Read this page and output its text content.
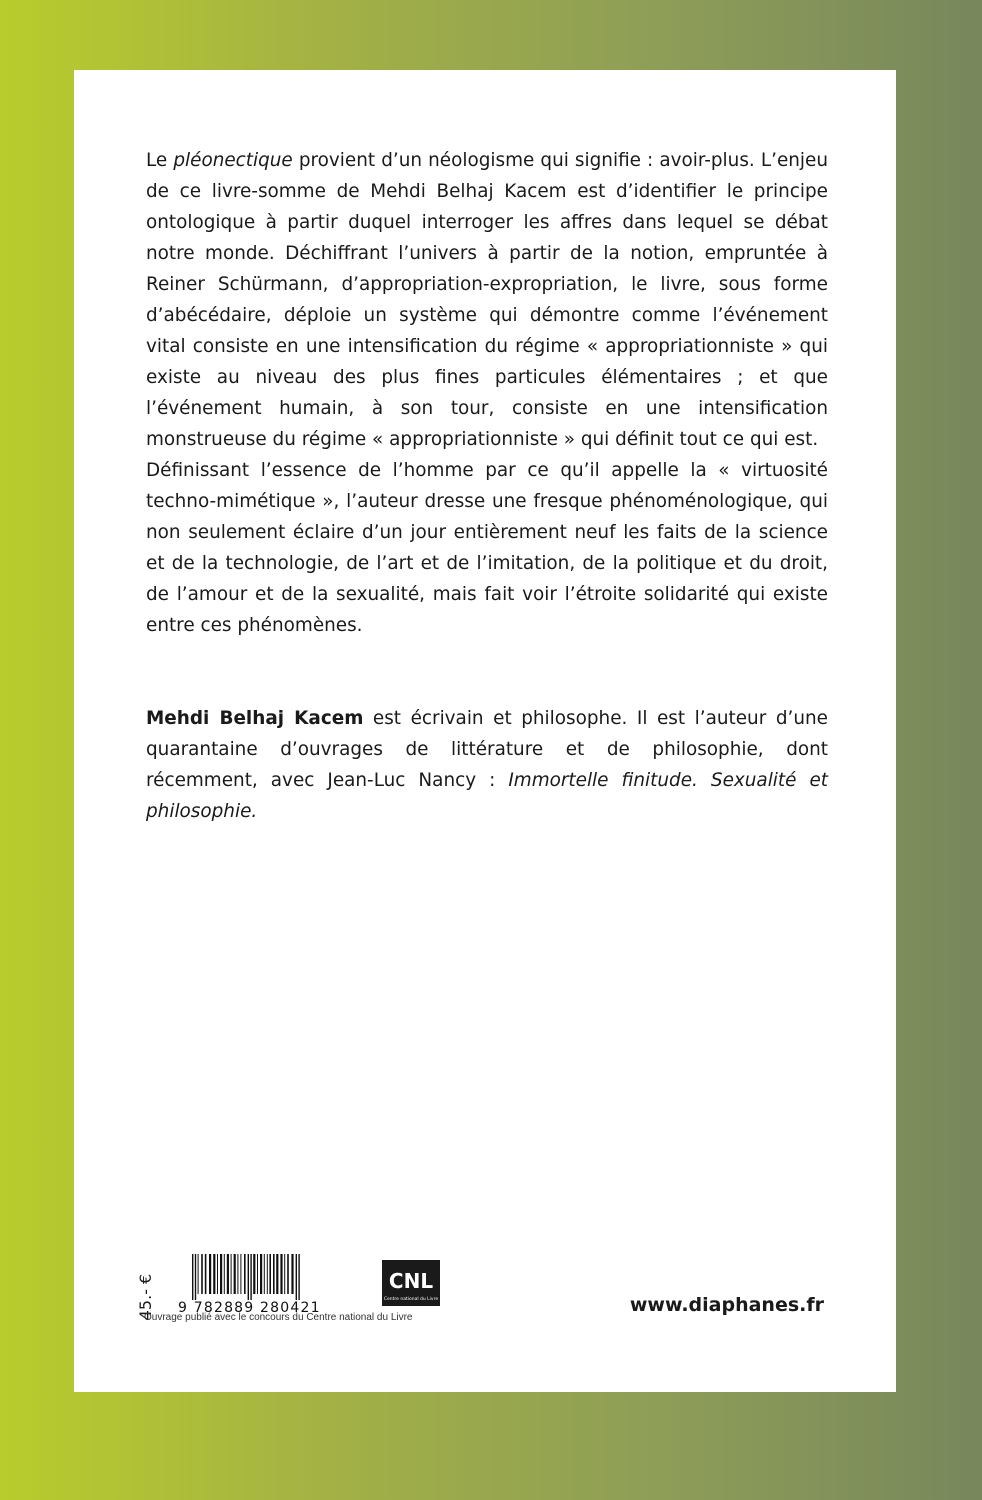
Le pléonectique provient d’un néologisme qui signifie : avoir-plus. L’enjeu de ce livre-somme de Mehdi Belhaj Kacem est d’identifier le principe ontologique à partir duquel interroger les affres dans lequel se débat notre monde. Déchiffrant l’univers à partir de la notion, empruntée à Reiner Schürmann, d’appropriation-expropriation, le livre, sous forme d’abécédaire, déploie un système qui démontre comme l’événement vital consiste en une intensification du régime « appropriationniste » qui existe au niveau des plus fines particules élémentaires ; et que l’événement humain, à son tour, consiste en une intensification monstrueuse du régime « appropriationniste » qui définit tout ce qui est.

Définissant l’essence de l’homme par ce qu’il appelle la « virtuosité techno-mimétique », l’auteur dresse une fresque phénoménologique, qui non seulement éclaire d’un jour entièrement neuf les faits de la science et de la technologie, de l’art et de l’imitation, de la politique et du droit, de l’amour et de la sexualité, mais fait voir l’étroite solidarité qui existe entre ces phénomènes.

Mehdi Belhaj Kacem est écrivain et philosophe. Il est l’auteur d’une quarantaine d’ouvrages de littérature et de philosophie, dont récemment, avec Jean-Luc Nancy : Immortelle finitude. Sexualité et philosophie.

45.- € 9 782889 280421
CNL
Centre national du Livre
Ouvrage publié avec le concours du Centre national du Livre
www.diaphanes.fr
